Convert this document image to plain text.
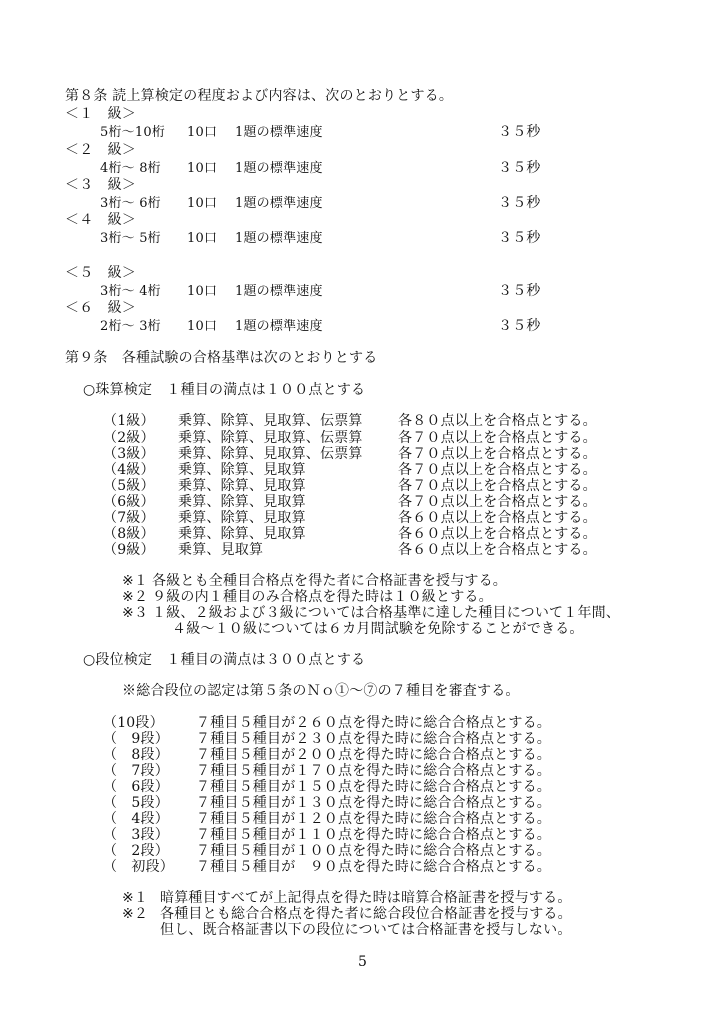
第８条 読上算検定の程度および内容は、次のとおりとする。
＜１　級＞
5桁～10桁 10口 1題の標準速度	３５秒
＜２　級＞
4桁～ 8桁 10口 1題の標準速度	３５秒
＜３　級＞
3桁～ 6桁 10口 1題の標準速度	３５秒
＜４　級＞
3桁～ 5桁 10口 1題の標準速度	３５秒
＜５　級＞
3桁～ 4桁 10口 1題の標準速度	３５秒
＜６　級＞
2桁～ 3桁 10口 1題の標準速度	３５秒
第９条　各種試験の合格基準は次のとおりとする
○珠算検定　１種目の満点は１００点とする
（1級） 乗算、除算、見取算、伝票算	各８０点以上を合格点とする。
（2級） 乗算、除算、見取算、伝票算	各７０点以上を合格点とする。
（3級） 乗算、除算、見取算、伝票算	各７０点以上を合格点とする。
（4級） 乗算、除算、見取算	各７０点以上を合格点とする。
（5級） 乗算、除算、見取算	各７０点以上を合格点とする。
（6級） 乗算、除算、見取算	各７０点以上を合格点とする。
（7級） 乗算、除算、見取算	各６０点以上を合格点とする。
（8級） 乗算、除算、見取算	各６０点以上を合格点とする。
（9級） 乗算、見取算	各６０点以上を合格点とする。
※１ 各級とも全種目合格点を得た者に合格証書を授与する。
※２ ９級の内１種目のみ合格点を得た時は１０級とする。
※３ １級、２級および３級については合格基準に達した種目について１年間、
４級～１０級については６カ月間試験を免除することができる。
○段位検定　１種目の満点は３００点とする
※総合段位の認定は第５条のＮｏ①～⑦の７種目を審査する。
（10段） ７種目５種目が２６０点を得た時に総合合格点とする。
（　9段） ７種目５種目が２３０点を得た時に総合合格点とする。
（　8段） ７種目５種目が２００点を得た時に総合合格点とする。
（　7段） ７種目５種目が１７０点を得た時に総合合格点とする。
（　6段） ７種目５種目が１５０点を得た時に総合合格点とする。
（　5段） ７種目５種目が１３０点を得た時に総合合格点とする。
（　4段） ７種目５種目が１２０点を得た時に総合合格点とする。
（　3段） ７種目５種目が１１０点を得た時に総合合格点とする。
（　2段） ７種目５種目が１００点を得た時に総合合格点とする。
（　初段） ７種目５種目が　９０点を得た時に総合合格点とする。
※１ 暗算種目すべてが上記得点を得た時は暗算合格証書を授与する。
※２ 各種目とも総合合格点を得た者に総合段位合格証書を授与する。
但し、既合格証書以下の段位については合格証書を授与しない。
5
